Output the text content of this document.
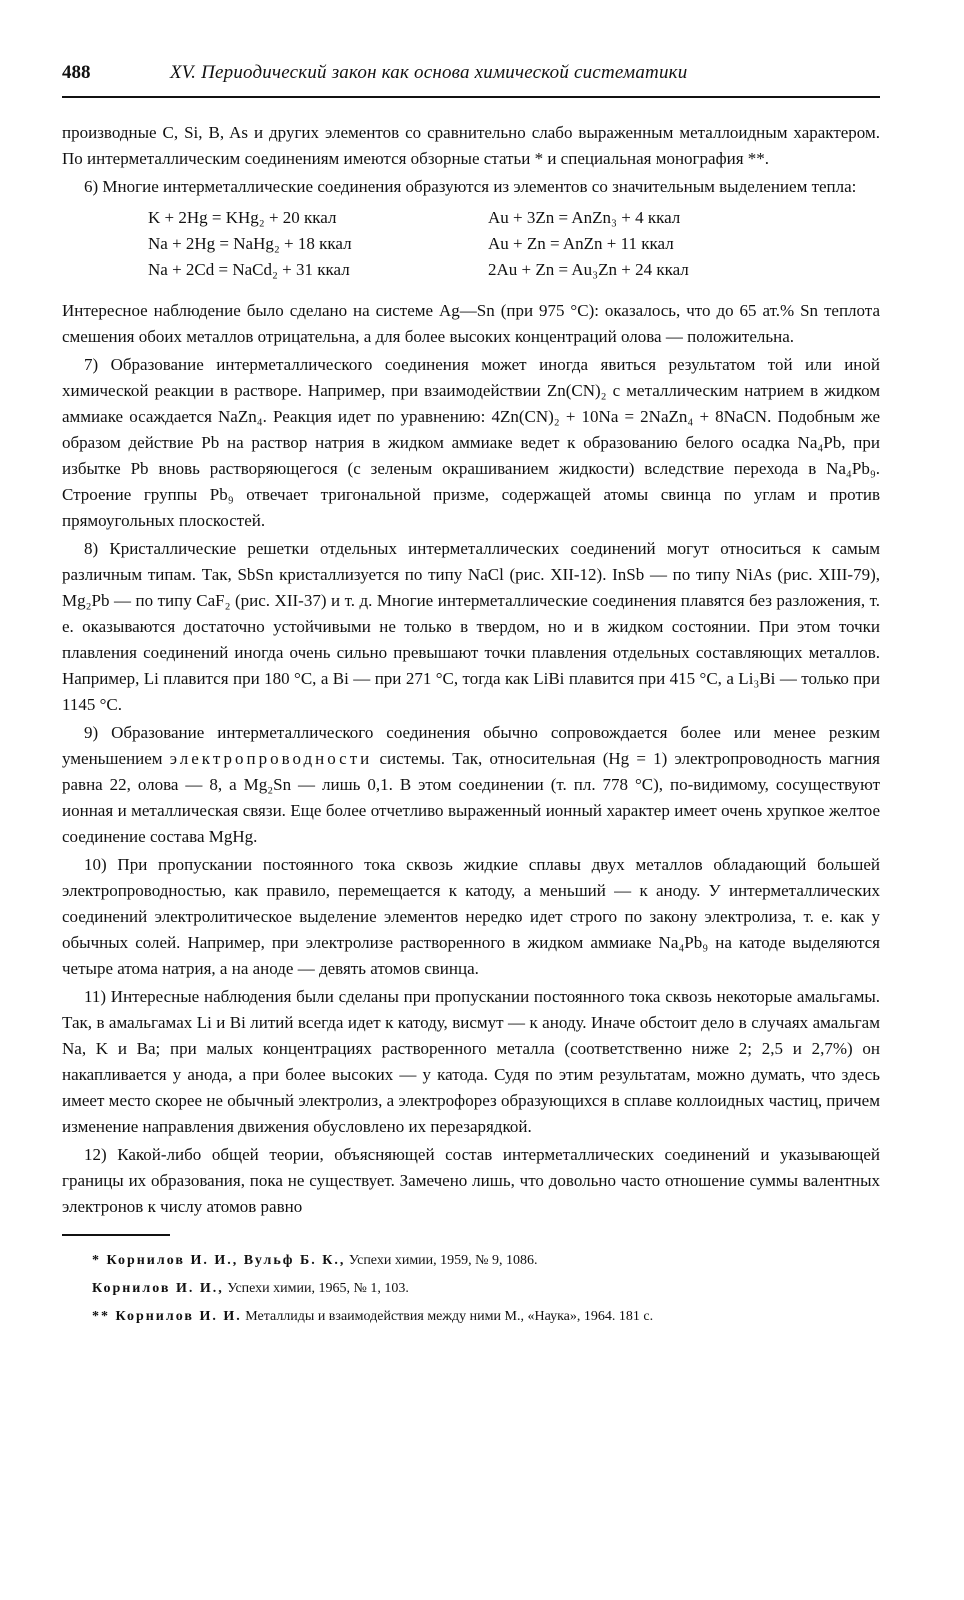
488	XV. Периодический закон как основа химической систематики

производные C, Si, B, As и других элементов со сравнительно слабо выраженным металлоидным характером. По интерметаллическим соединениям имеются обзорные статьи * и специальная монография **.

6) Многие интерметаллические соединения образуются из элементов со значительным выделением тепла:

K + 2Hg = KHg₂ + 20 ккал	Au + 3Zn = AnZn₃ + 4 ккал
Na + 2Hg = NaHg₂ + 18 ккал	Au + Zn = AnZn + 11 ккал
Na + 2Cd = NaCd₂ + 31 ккал	2Au + Zn = Au₃Zn + 24 ккал

Интересное наблюдение было сделано на системе Ag—Sn (при 975 °C): оказалось, что до 65 ат.% Sn теплота смешения обоих металлов отрицательна, а для более высоких концентраций олова — положительна.

7) Образование интерметаллического соединения может иногда явиться результатом той или иной химической реакции в растворе. Например, при взаимодействии Zn(CN)₂ с металлическим натрием в жидком аммиаке осаждается NaZn₄. Реакция идет по уравнению: 4Zn(CN)₂ + 10Na = 2NaZn₄ + 8NaCN. Подобным же образом действие Pb на раствор натрия в жидком аммиаке ведет к образованию белого осадка Na₄Pb, при избытке Pb вновь растворяющегося (с зеленым окрашиванием жидкости) вследствие перехода в Na₄Pb₉. Строение группы Pb₉ отвечает тригональной призме, содержащей атомы свинца по углам и против прямоугольных плоскостей.

8) Кристаллические решетки отдельных интерметаллических соединений могут относиться к самым различным типам. Так, SbSn кристаллизуется по типу NaCl (рис. XII-12). InSb — по типу NiAs (рис. XIII-79), Mg₂Pb — по типу CaF₂ (рис. XII-37) и т. д. Многие интерметаллические соединения плавятся без разложения, т. е. оказываются достаточно устойчивыми не только в твердом, но и в жидком состоянии. При этом точки плавления соединений иногда очень сильно превышают точки плавления отдельных составляющих металлов. Например, Li плавится при 180 °C, а Bi — при 271 °C, тогда как LiBi плавится при 415 °C, а Li₃Bi — только при 1145 °C.

9) Образование интерметаллического соединения обычно сопровождается более или менее резким уменьшением электропроводности системы. Так, относительная (Hg = 1) электропроводность магния равна 22, олова — 8, а Mg₂Sn — лишь 0,1. В этом соединении (т. пл. 778 °C), по-видимому, сосуществуют ионная и металлическая связи. Еще более отчетливо выраженный ионный характер имеет очень хрупкое желтое соединение состава MgHg.

10) При пропускании постоянного тока сквозь жидкие сплавы двух металлов обладающий большей электропроводностью, как правило, перемещается к катоду, а меньший — к аноду. У интерметаллических соединений электролитическое выделение элементов нередко идет строго по закону электролиза, т. е. как у обычных солей. Например, при электролизе растворенного в жидком аммиаке Na₄Pb₉ на катоде выделяются четыре атома натрия, а на аноде — девять атомов свинца.

11) Интересные наблюдения были сделаны при пропускании постоянного тока сквозь некоторые амальгамы. Так, в амальгамах Li и Bi литий всегда идет к катоду, висмут — к аноду. Иначе обстоит дело в случаях амальгам Na, K и Ba; при малых концентрациях растворенного металла (соответственно ниже 2; 2,5 и 2,7%) он накапливается у анода, а при более высоких — у катода. Судя по этим результатам, можно думать, что здесь имеет место скорее не обычный электролиз, а электрофорез образующихся в сплаве коллоидных частиц, причем изменение направления движения обусловлено их перезарядкой.

12) Какой-либо общей теории, объясняющей состав интерметаллических соединений и указывающей границы их образования, пока не существует. Замечено лишь, что довольно часто отношение суммы валентных электронов к числу атомов равно

* Корнилов И. И., Вульф Б. К., Успехи химии, 1959, № 9, 1086.

Корнилов И. И., Успехи химии, 1965, № 1, 103.

** Корнилов И. И. Металлиды и взаимодействия между ними М., «Наука», 1964. 181 с.
